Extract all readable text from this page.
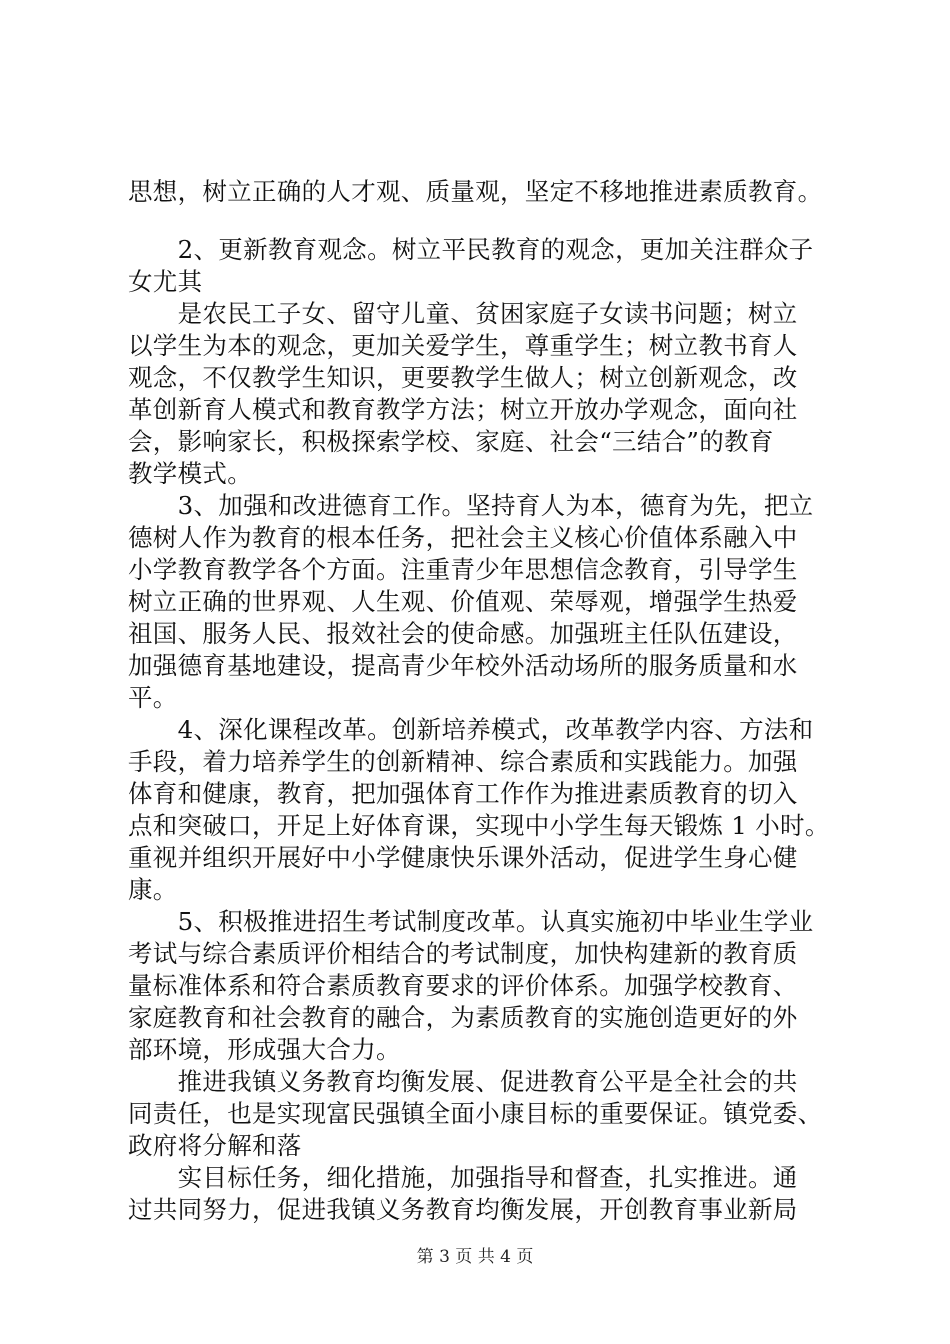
思想，树立正确的人才观、质量观，坚定不移地推进素质教育。
　　2、更新教育观念。树立平民教育的观念，更加关注群众子
女尤其
　　是农民工子女、留守儿童、贫困家庭子女读书问题；树立
以学生为本的观念，更加关爱学生，尊重学生；树立教书育人
观念，不仅教学生知识，更要教学生做人；树立创新观念，改
革创新育人模式和教育教学方法；树立开放办学观念，面向社
会，影响家长，积极探索学校、家庭、社会“三结合”的教育
教学模式。
　　3、加强和改进德育工作。坚持育人为本，德育为先，把立
德树人作为教育的根本任务，把社会主义核心价值体系融入中
小学教育教学各个方面。注重青少年思想信念教育，引导学生
树立正确的世界观、人生观、价值观、荣辱观，增强学生热爱
祖国、服务人民、报效社会的使命感。加强班主任队伍建设，
加强德育基地建设，提高青少年校外活动场所的服务质量和水
平。
　　4、深化课程改革。创新培养模式，改革教学内容、方法和
手段，着力培养学生的创新精神、综合素质和实践能力。加强
体育和健康，教育，把加强体育工作作为推进素质教育的切入
点和突破口，开足上好体育课，实现中小学生每天锻炼 1 小时。
重视并组织开展好中小学健康快乐课外活动，促进学生身心健
康。
　　5、积极推进招生考试制度改革。认真实施初中毕业生学业
考试与综合素质评价相结合的考试制度，加快构建新的教育质
量标准体系和符合素质教育要求的评价体系。加强学校教育、
家庭教育和社会教育的融合，为素质教育的实施创造更好的外
部环境，形成强大合力。
　　推进我镇义务教育均衡发展、促进教育公平是全社会的共
同责任，也是实现富民强镇全面小康目标的重要保证。镇党委、
政府将分解和落
　　实目标任务，细化措施，加强指导和督查，扎实推进。通
过共同努力，促进我镇义务教育均衡发展，开创教育事业新局
第 3 页 共 4 页
